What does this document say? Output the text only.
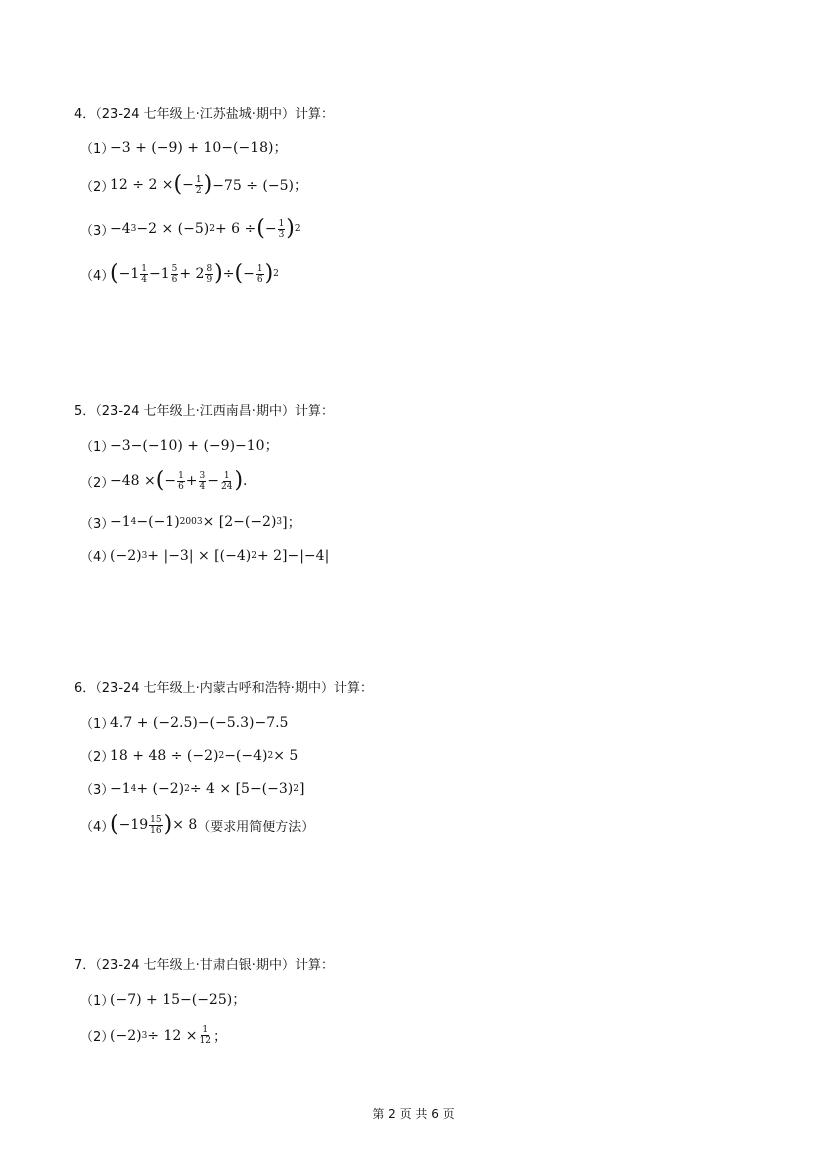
4．（23-24 七年级上·江苏盐城·期中）计算：
（1）
−3 + (−9) + 10−(−18)；
（2）
12 ÷ 2 × ( − $\frac{1}{2}$ ) −75 ÷ (−5)；
（3）
−4 3 −2 × (−5) 2 + 6 ÷ ( − $\frac{1}{3}$ ) 2
（4）
( $-1 \frac{1}{4} -1 \frac{5}{6} + 2 \frac{8}{9}$ ) ÷ ( − $\frac{1}{6}$ ) 2
5．（23-24 七年级上·江西南昌·期中）计算：
（1）
−3−(−10) + (−9)−10；
（2）
−48 × ( − $\frac{1}{6} + \frac{3}{4} - \frac{1}{24}$ ) .
（3）
−1 4 −(−1) 2003 × [2−(−2) 3 ]；
（4）
(−2) 3 + |−3| × [(−4) 2 + 2]−|−4|
6．（23-24 七年级上·内蒙古呼和浩特·期中）计算：
（1）
4.7 + (−2.5)−(−5.3)−7.5
（2）
18 + 48 ÷ (−2) 2 −(−4) 2 × 5
（3）
−1 4 + (−2) 2 ÷ 4 × [5−(−3) 2 ]
（4）
( $-19 \frac{15}{16}$ ) × 8 （要求用简便方法）
7．（23-24 七年级上·甘肃白银·期中）计算：
（1）
(−7) + 15−(−25)；
（2）
(−2) $3 \div 12 \times \frac{1}{12}$ ；
第 2 页 共 6 页
